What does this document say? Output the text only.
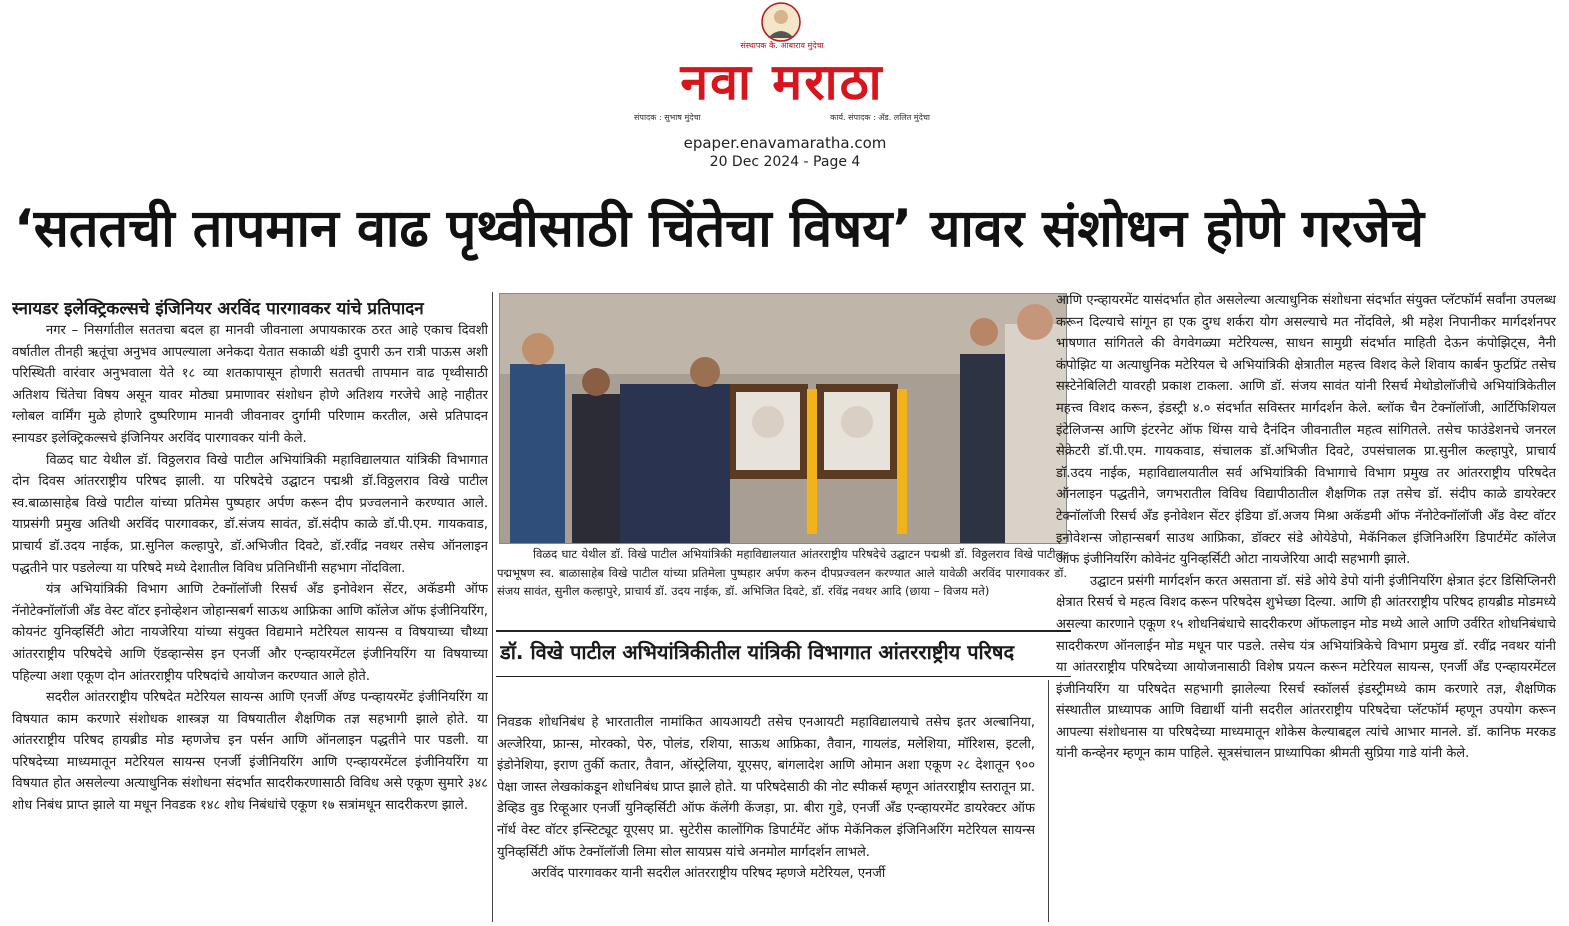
संस्थापक कै. आबाराव मुंदेचा
नवा मराठा
संपादक : सुभाष मुंदेचा	कार्य. संपादक : ॲड. ललित मुंदेचा
epaper.enavamaratha.com
20 Dec 2024 - Page 4
‘सततची तापमान वाढ पृथ्वीसाठी चिंतेचा विषय’ यावर संशोधन होणे गरजेचे
स्नायडर इलेक्ट्रिकल्सचे इंजिनियर अरविंद पारगावकर यांचे प्रतिपादन

नगर – निसर्गातील सततचा बदल हा मानवी जीवनाला अपायकारक ठरत आहे एकाच दिवशी वर्षातील तीनही ऋतूंचा अनुभव आपल्याला अनेकदा येतात सकाळी थंडी दुपारी ऊन रात्री पाऊस अशी परिस्थिती वारंवार अनुभवाला येते १८ व्या शतकापासून होणारी सततची तापमान वाढ पृथ्वीसाठी अतिशय चिंतेचा विषय असून यावर मोठ्या प्रमाणावर संशोधन होणे अतिशय गरजेचे आहे नाहीतर ग्लोबल वार्मिंग मुळे होणारे दुष्परिणाम मानवी जीवनावर दुर्गामी परिणाम करतील, असे प्रतिपादन स्नायडर इलेक्ट्रिकल्सचे इंजिनियर अरविंद पारगावकर यांनी केले.

विळद घाट येथील डॉ. विठ्ठलराव विखे पाटील अभियांत्रिकी महाविद्यालयात यांत्रिकी विभागात दोन दिवस आंतरराष्ट्रीय परिषद झाली. या परिषदेचे उद्घाटन पद्मश्री डॉ.विठ्ठलराव विखे पाटील स्व.बाळासाहेब विखे पाटील यांच्या प्रतिमेस पुष्पहार अर्पण करून दीप प्रज्वलनाने करण्यात आले. याप्रसंगी प्रमुख अतिथी अरविंद पारगावकर, डॉ.संजय सावंत, डॉ.संदीप काळे डॉ.पी.एम. गायकवाड, प्राचार्य डॉ.उदय नाईक, प्रा.सुनिल कल्हापुरे, डॉ.अभिजीत दिवटे, डॉ.रवींद्र नवथर तसेच ऑनलाइन पद्धतीने पार पडलेल्या या परिषदे मध्ये देशातील विविध प्रतिनिधींनी सहभाग नोंदविला.

यंत्र अभियांत्रिकी विभाग आणि टेक्नॉलॉजी रिसर्च अँड इनोवेशन सेंटर, अकॅडमी ऑफ नॅनोटेक्नॉलॉजी अँड वेस्ट वॉटर इनोव्हेशन जोहान्सबर्ग साऊथ आफ्रिका आणि कॉलेज ऑफ इंजीनियरिंग, कोयनंट युनिव्हर्सिटी ओटा नायजेरिया यांच्या संयुक्त विद्यमाने मटेरियल सायन्स व विषयाच्या चौथ्या आंतरराष्ट्रीय परिषदेचे आणि ऍडव्हान्सेस इन एनर्जी और एन्व्हायरमेंटल इंजीनियरिंग या विषयाच्या पहिल्या अशा एकूण दोन आंतरराष्ट्रीय परिषदांचे आयोजन करण्यात आले होते.

सदरील आंतरराष्ट्रीय परिषदेत मटेरियल सायन्स आणि एनर्जी ॲण्ड पन्व्हायरमेंट इंजीनियरिंग या विषयात काम करणारे संशोधक शास्त्रज्ञ या विषयातील शैक्षणिक तज्ञ सहभागी झाले होते. या आंतरराष्ट्रीय परिषद हायब्रीड मोड म्हणजेच इन पर्सन आणि ऑनलाइन पद्धतीने पार पडली. या परिषदेच्या माध्यमातून मटेरियल सायन्स एनर्जी इंजीनियरिंग आणि एन्व्हायरमेंटल इंजीनियरिंग या विषयात होत असलेल्या अत्याधुनिक संशोधना संदर्भात सादरीकरणासाठी विविध असे एकूण सुमारे ३४८ शोध निबंध प्राप्त झाले या मधून निवडक १४८ शोध निबंधांचे एकूण १७ सत्रांमधून सादरीकरण झाले.

विळद घाट येथील डॉ. विखे पाटील अभियांत्रिकी महाविद्यालयात आंतरराष्ट्रीय परिषदेचे उद्घाटन पद्मश्री डॉ. विठ्ठलराव विखे पाटील, पद्मभूषण स्व. बाळासाहेब विखे पाटील यांच्या प्रतिमेला पुष्पहार अर्पण करुन दीपप्रज्वलन करण्यात आले यावेळी अरविंद पारगावकर डॉ. संजय सावंत, सुनील कल्हापुरे, प्राचार्य डॉ. उदय नाईक, डॉ. अभिजित दिवटे, डॉ. रविंद्र नवथर आदि (छाया – विजय मते)

डॉ. विखे पाटील अभियांत्रिकीतील यांत्रिकी विभागात आंतरराष्ट्रीय परिषद

निवडक शोधनिबंध हे भारतातील नामांकित आयआयटी तसेच एनआयटी महाविद्यालयाचे तसेच इतर अल्बानिया, अल्जेरिया, फ्रान्स, मोरक्को, पेरु, पोलंड, रशिया, साऊथ आफ्रिका, तैवान, गायलंड, मलेशिया, मॉरिशस, इटली, इंडोनेशिया, इराण तुर्की कतार, तैवान, ऑस्ट्रेलिया, यूएसए, बांगलादेश आणि ओमान अशा एकूण २८ देशातून ९०० पेक्षा जास्त लेखकांकडून शोधनिबंध प्राप्त झाले होते. या परिषदेसाठी की नोट स्पीकर्स म्हणून आंतरराष्ट्रीय स्तरातून प्रा. डेव्हिड वुड रिव्हूआर एनर्जी युनिव्हर्सिटी ऑफ कॅलेंगी केंजड़ा, प्रा. बीरा गुडे, एनर्जी अँड एन्व्हायरमेंट डायरेक्टर ऑफ नॉर्थ वेस्ट वॉटर इन्स्टिट्यूट यूएसए प्रा. सुटेरीस कालोंगिक डिपार्टमेंट ऑफ मेकॅनिकल इंजिनिअरिंग मटेरियल सायन्स युनिव्हर्सिटी ऑफ टेक्नॉलॉजी लिमा सोल सायप्रस यांचे अनमोल मार्गदर्शन लाभले.

अरविंद पारगावकर यानी सदरील आंतरराष्ट्रीय परिषद म्हणजे मटेरियल, एनर्जी

आणि एन्व्हायरमेंट यासंदर्भात होत असलेल्या अत्याधुनिक संशोधना संदर्भात संयुक्त प्लॅटफॉर्म सर्वांना उपलब्ध करून दिल्याचे सांगून हा एक दुग्ध शर्करा योग असल्याचे मत नोंदविले, श्री महेश निपानीकर मार्गदर्शनपर भाषणात सांगितले की वेगवेगळ्या मटेरियल्स, साधन सामुग्री संदर्भात माहिती देऊन कंपोझिट्स, नैनी कंपोझिट या अत्याधुनिक मटेरियल चे अभियांत्रिकी क्षेत्रातील महत्त्व विशद केले शिवाय कार्बन फुटप्रिंट तसेच सस्टेनेबिलिटी यावरही प्रकाश टाकला. आणि डॉ. संजय सावंत यांनी रिसर्च मेथोडोलॉजीचे अभियांत्रिकेतील महत्त्व विशद करून, इंडस्ट्री ४.० संदर्भात सविस्तर मार्गदर्शन केले. ब्लॉक चैन टेक्नॉलॉजी, आर्टिफिशियल इंटेलिजन्स आणि इंटरनेट ऑफ थिंग्स याचे दैनंदिन जीवनातील महत्व सांगितले. तसेच फाउंडेशनचे जनरल सेक्रेटरी डॉ.पी.एम. गायकवाड, संचालक डॉ.अभिजीत दिवटे, उपसंचालक प्रा.सुनील कल्हापुरे, प्राचार्य डॉ.उदय नाईक, महाविद्यालयातील सर्व अभियांत्रिकी विभागाचे विभाग प्रमुख तर आंतरराष्ट्रीय परिषदेत ऑनलाइन पद्धतीने, जगभरातील विविध विद्यापीठातील शैक्षणिक तज्ञ तसेच डॉ. संदीप काळे डायरेक्टर टेक्नॉलॉजी रिसर्च अँड इनोवेशन सेंटर इंडिया डॉ.अजय मिश्रा अकॅडमी ऑफ नॅनोटेक्नॉलॉजी अँड वेस्ट वॉटर इनोवेशन्स जोहान्सबर्ग साउथ आफ्रिका, डॉक्टर संडे ओयेडेपो, मेकॅनिकल इंजिनिअरिंग डिपार्टमेंट कॉलेज ऑफ इंजीनियरिंग कोवेनंट युनिव्हर्सिटी ओटा नायजेरिया आदी सहभागी झाले.

उद्घाटन प्रसंगी मार्गदर्शन करत असताना डॉ. संडे ओये डेपो यांनी इंजीनियरिंग क्षेत्रात इंटर डिसिप्लिनरी क्षेत्रात रिसर्च चे महत्व विशद करून परिषदेस शुभेच्छा दिल्या. आणि ही आंतरराष्ट्रीय परिषद हायब्रीड मोडमध्ये असल्या कारणाने एकूण १५ शोधनिबंधाचे सादरीकरण ऑफलाइन मोड मध्ये आले आणि उर्वरित शोधनिबंधाचे सादरीकरण ऑनलाईन मोड मधून पार पडले. तसेच यंत्र अभियांत्रिकेचे विभाग प्रमुख डॉ. रवींद्र नवथर यांनी या आंतरराष्ट्रीय परिषदेच्या आयोजनासाठी विशेष प्रयत्न करून मटेरियल सायन्स, एनर्जी अँड एन्व्हायरमेंटल इंजीनियरिंग या परिषदेत सहभागी झालेल्या रिसर्च स्कॉलर्स इंडस्ट्रीमध्ये काम करणारे तज्ञ, शैक्षणिक संस्थातील प्राध्यापक आणि विद्यार्थी यांनी सदरील आंतरराष्ट्रीय परिषदेचा प्लॅटफॉर्म म्हणून उपयोग करून आपल्या संशोधनास या परिषदेच्या माध्यमातून शोकेस केल्याबद्दल त्यांचे आभार मानले. डॉ. कानिफ मरकड यांनी कन्व्हेनर म्हणून काम पाहिले. सूत्रसंचालन प्राध्यापिका श्रीमती सुप्रिया गाडे यांनी केले.
